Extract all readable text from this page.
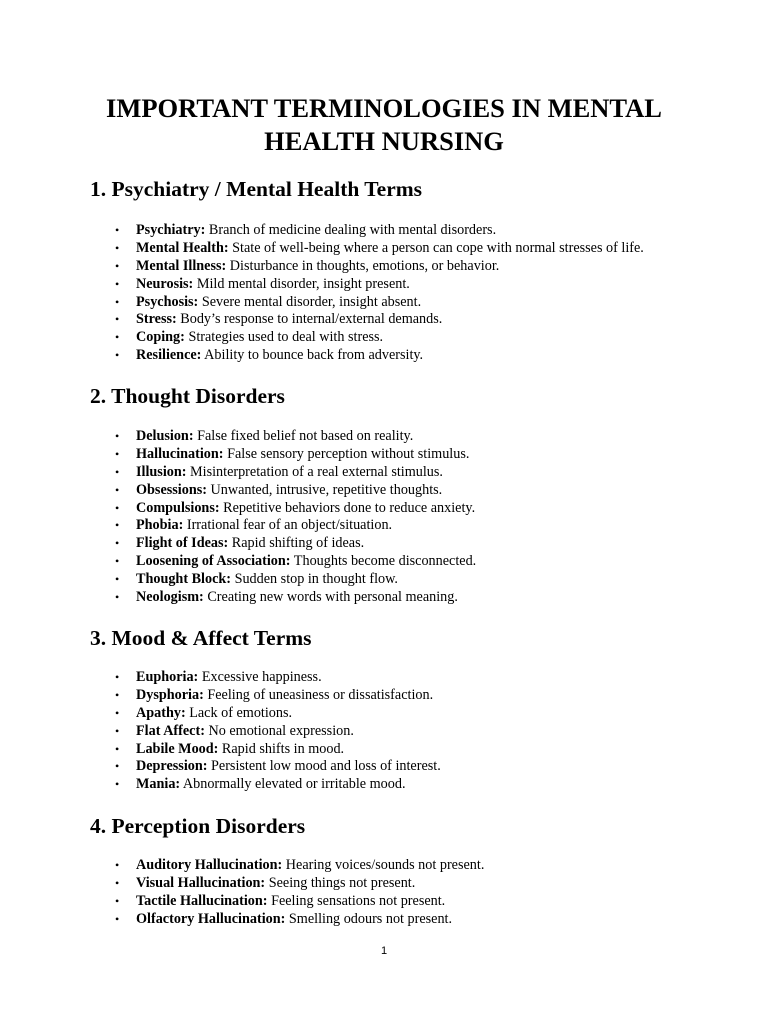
IMPORTANT TERMINOLOGIES IN MENTAL HEALTH NURSING
1. Psychiatry / Mental Health Terms
• Psychiatry: Branch of medicine dealing with mental disorders.
• Mental Health: State of well-being where a person can cope with normal stresses of life.
• Mental Illness: Disturbance in thoughts, emotions, or behavior.
• Neurosis: Mild mental disorder, insight present.
• Psychosis: Severe mental disorder, insight absent.
• Stress: Body’s response to internal/external demands.
• Coping: Strategies used to deal with stress.
• Resilience: Ability to bounce back from adversity.
2. Thought Disorders
• Delusion: False fixed belief not based on reality.
• Hallucination: False sensory perception without stimulus.
• Illusion: Misinterpretation of a real external stimulus.
• Obsessions: Unwanted, intrusive, repetitive thoughts.
• Compulsions: Repetitive behaviors done to reduce anxiety.
• Phobia: Irrational fear of an object/situation.
• Flight of Ideas: Rapid shifting of ideas.
• Loosening of Association: Thoughts become disconnected.
• Thought Block: Sudden stop in thought flow.
• Neologism: Creating new words with personal meaning.
3. Mood & Affect Terms
• Euphoria: Excessive happiness.
• Dysphoria: Feeling of uneasiness or dissatisfaction.
• Apathy: Lack of emotions.
• Flat Affect: No emotional expression.
• Labile Mood: Rapid shifts in mood.
• Depression: Persistent low mood and loss of interest.
• Mania: Abnormally elevated or irritable mood.
4. Perception Disorders
• Auditory Hallucination: Hearing voices/sounds not present.
• Visual Hallucination: Seeing things not present.
• Tactile Hallucination: Feeling sensations not present.
• Olfactory Hallucination: Smelling odours not present.
1
